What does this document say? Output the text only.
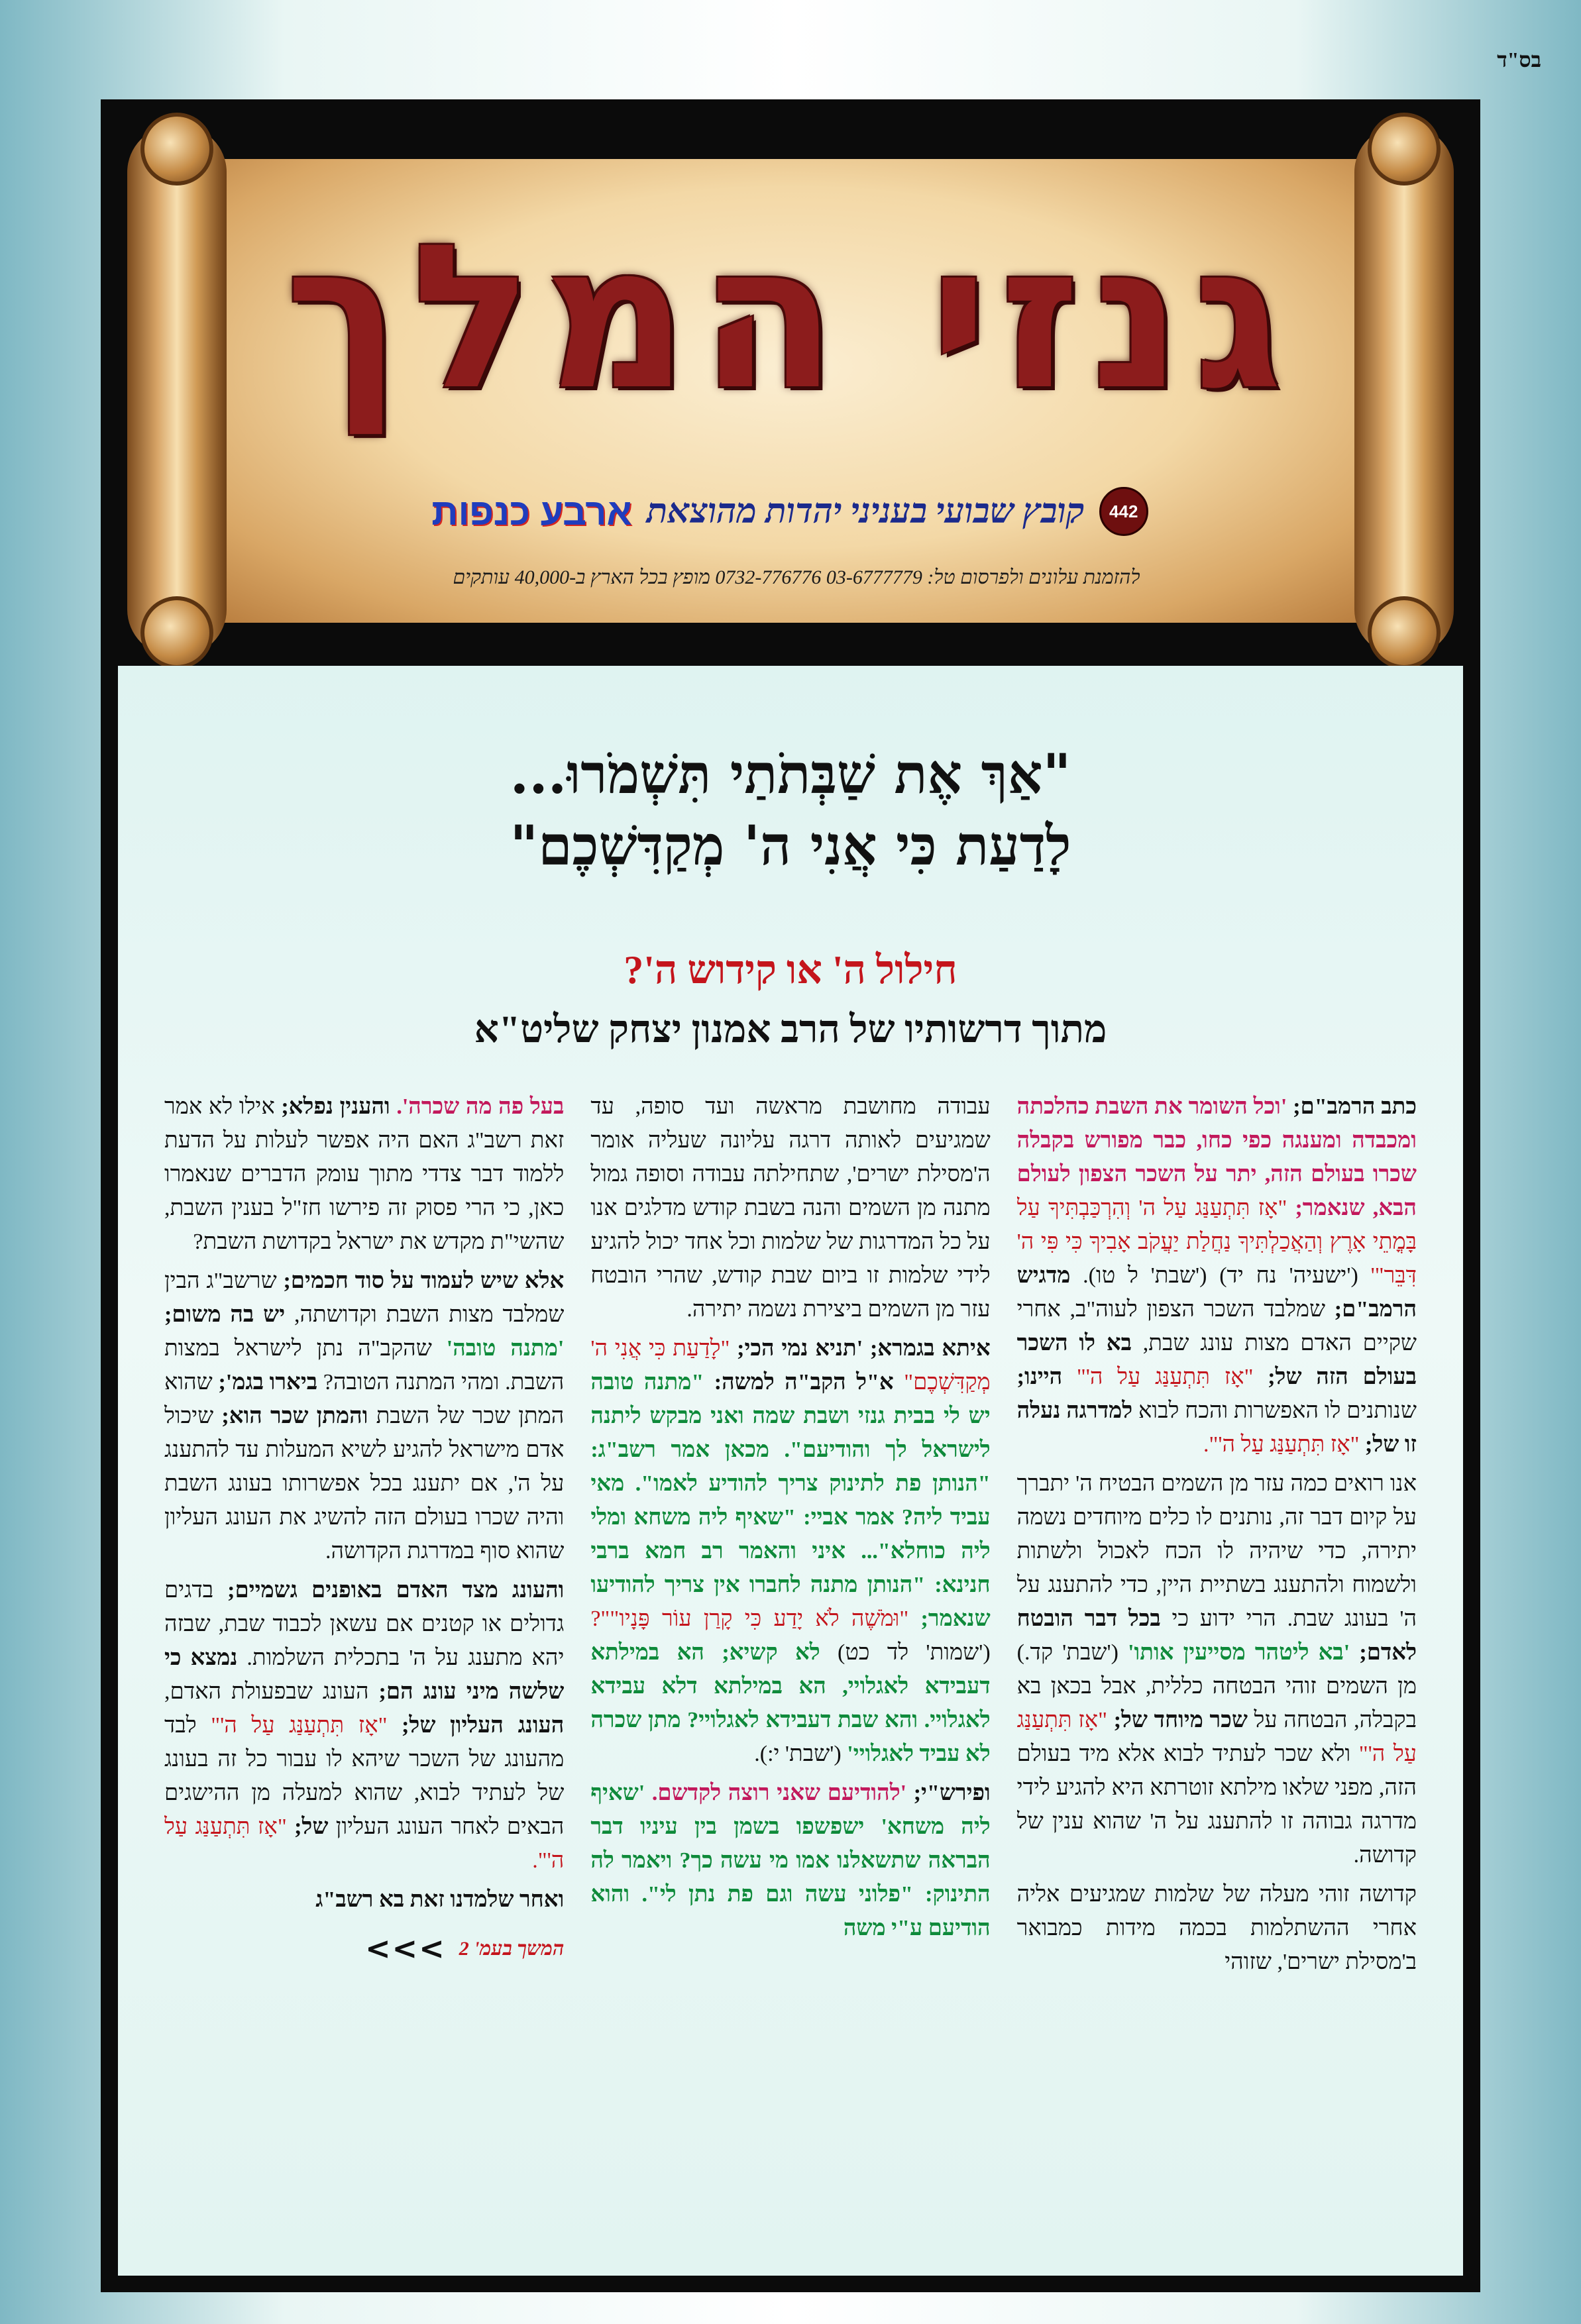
בס"ד
גנזי המלך
442
קובץ שבועי בעניני יהדות מהוצאת
ארבע כנפות
להזמנת עלונים ולפרסום טל: 03-6777779 0732-776776 מופץ בכל הארץ ב-40,000 עותקים
"אַךְ אֶת שַׁבְּתֹתַי תִּשְׁמֹרוּ...
לָדַעַת כִּי אֲנִי ה' מְקַדִּשְׁכֶם"
חילול ה' או קידוש ה'?
מתוך דרשותיו של הרב אמנון יצחק שליט"א

כתב הרמב"ם; 'וכל השומר את השבת כהלכתה ומכבדה ומענגה כפי כחו, כבר מפורש בקבלה שכרו בעולם הזה, יתר על השכר הצפון לעולם הבא, שנאמר; "אָז תִּתְעַנַּג עַל ה' וְהִרְכַּבְתִּיךָ עַל בָּמֳתֵי אָרֶץ וְהַאֲכַלְתִּיךָ נַחֲלַת יַעֲקֹב אָבִיךָ כִּי פִּי ה' דִּבֵּר"' ('ישעיה' נח יד) ('שבת' ל טו). מדגיש הרמב"ם; שמלבד השכר הצפון לעוה"ב, אחרי שקיים האדם מצות עונג שבת, בא לו השכר בעולם הזה של; "אָז תִּתְעַנַּג עַל ה'" היינו; שנותנים לו האפשרות והכח לבוא למדרגה נעלה זו של; "אָז תִּתְעַנַּג עַל ה'".

אנו רואים כמה עזר מן השמים הבטיח ה' יתברך על קיום דבר זה, נותנים לו כלים מיוחדים נשמה יתירה, כדי שיהיה לו הכח לאכול ולשתות ולשמוח ולהתענג בשתיית היין, כדי להתענג על ה' בעונג שבת. הרי ידוע כי בכל דבר הובטח לאדם; 'בא ליטהר מסייעין אותו' ('שבת' קד.) מן השמים זוהי הבטחה כללית, אבל בכאן בא בקבלה, הבטחה על שכר מיוחד של; "אָז תִּתְעַנַּג עַל ה'" ולא שכר לעתיד לבוא אלא מיד בעולם הזה, מפני שלאו מילתא זוטרתא היא להגיע לידי מדרגה גבוהה זו להתענג על ה' שהוא ענין של קדושה.

קדושה זוהי מעלה של שלמות שמגיעים אליה אחרי ההשתלמות בכמה מידות כמבואר ב'מסילת ישרים', שזוהי

עבודה מחושבת מראשה ועד סופה, עד שמגיעים לאותה דרגה עליונה שעליה אומר ה'מסילת ישרים', שתחילתה עבודה וסופה גמול מתנה מן השמים והנה בשבת קודש מדלגים אנו על כל המדרגות של שלמות וכל אחד יכול להגיע לידי שלמות זו ביום שבת קודש, שהרי הובטח עזר מן השמים ביצירת נשמה יתירה.

איתא בגמרא; 'תניא נמי הכי; "לָדַעַת כִּי אֲנִי ה' מְקַדִּשְׁכֶם" א"ל הקב"ה למשה: "מתנה טובה יש לי בבית גנזי ושבת שמה ואני מבקש ליתנה לישראל לך והודיעם". מכאן אמר רשב"ג: "הנותן פת לתינוק צריך להודיע לאמו". מאי עביד ליה? אמר אביי: "שאיף ליה משחא ומלי ליה כוחלא"... איני והאמר רב חמא ברבי חנינא: "הנותן מתנה לחברו אין צריך להודיעו שנאמר; "וּמֹשֶׁה לֹא יָדַע כִּי קָרַן עוֹר פָּנָיו""? ('שמות' לד כט) לא קשיא; הא במילתא דעבידא לאגלויי, הא במילתא דלא עבידא לאגלויי. והא שבת דעבידא לאגלויי? מתן שכרה לא עביד לאגלויי' ('שבת' י:).

ופירש"י; 'להודיעם שאני רוצה לקדשם. 'שאיף ליה משחא' ישפשפו בשמן בין עיניו דבר הבראה שתשאלנו אמו מי עשה כך? ויאמר לה התינוק: "פלוני עשה וגם פת נתן לי". והוא הודיעם ע"י משה

בעל פה מה שכרה'. והענין נפלא; אילו לא אמר זאת רשב"ג האם היה אפשר לעלות על הדעת ללמוד דבר צדדי מתוך עומק הדברים שנאמרו כאן, כי הרי פסוק זה פירשו חז"ל בענין השבת, שהשי"ת מקדש את ישראל בקדושת השבת?

אלא שיש לעמוד על סוד חכמים; שרשב"ג הבין שמלבד מצות השבת וקדושתה, יש בה משום; 'מתנה טובה' שהקב"ה נתן לישראל במצות השבת. ומהי המתנה הטובה? ביארו בגמ'; שהוא המתן שכר של השבת והמתן שכר הוא; שיכול אדם מישראל להגיע לשיא המעלות עד להתענג על ה', אם יתענג בכל אפשרותו בעונג השבת והיה שכרו בעולם הזה להשיג את העונג העליון שהוא סוף במדרגת הקדושה.

והעונג מצד האדם באופנים גשמיים; בדגים גדולים או קטנים אם עשאן לכבוד שבת, שבזה יהא מתענג על ה' בתכלית השלמות. נמצא כי שלשה מיני עונג הם; העונג שבפעולת האדם, העונג העליון של; "אָז תִּתְעַנַּג עַל ה'" לבד מהעונג של השכר שיהא לו עבור כל זה בעונג של לעתיד לבוא, שהוא למעלה מן ההישגים הבאים לאחר העונג העליון של; "אָז תִּתְעַנַּג עַל ה'".

ואחר שלמדנו זאת בא רשב"ג

המשך בעמ' 2
<<<
